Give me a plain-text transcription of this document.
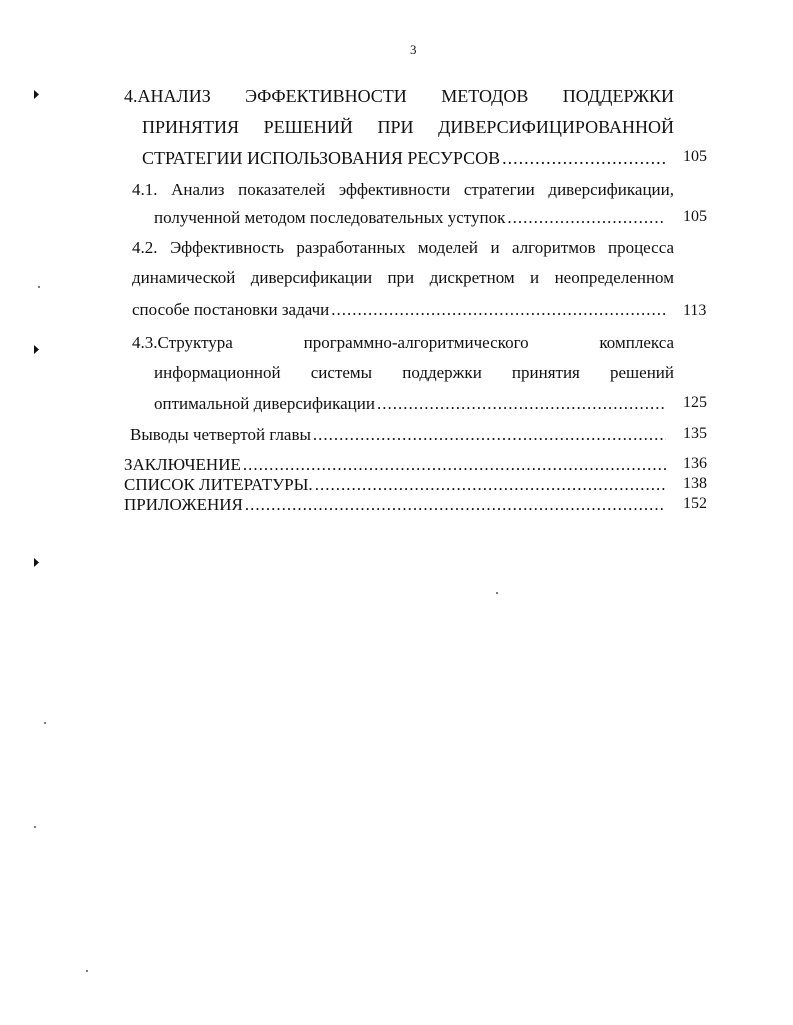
3
4.АНАЛИЗ ЭФФЕКТИВНОСТИ МЕТОДОВ ПОДДЕРЖКИ
ПРИНЯТИЯ РЕШЕНИЙ ПРИ ДИВЕРСИФИЦИРОВАННОЙ
СТРАТЕГИИ ИСПОЛЬЗОВАНИЯ РЕСУРСОВ .....	105
4.1. Анализ показателей эффективности стратегии диверсификации,
полученной методом последовательных уступок .....	105
4.2. Эффективность разработанных моделей и алгоритмов процесса
динамической диверсификации при дискретном и неопределенном
способе постановки задачи .....	113
4.3.Структура	программно-алгоритмического	комплекса
информационной системы поддержки принятия решений
оптимальной диверсификации .....	125
Выводы четвертой главы .....	135
ЗАКЛЮЧЕНИЕ .....	136
СПИСОК ЛИТЕРАТУРЫ. .....	138
ПРИЛОЖЕНИЯ .....	152
